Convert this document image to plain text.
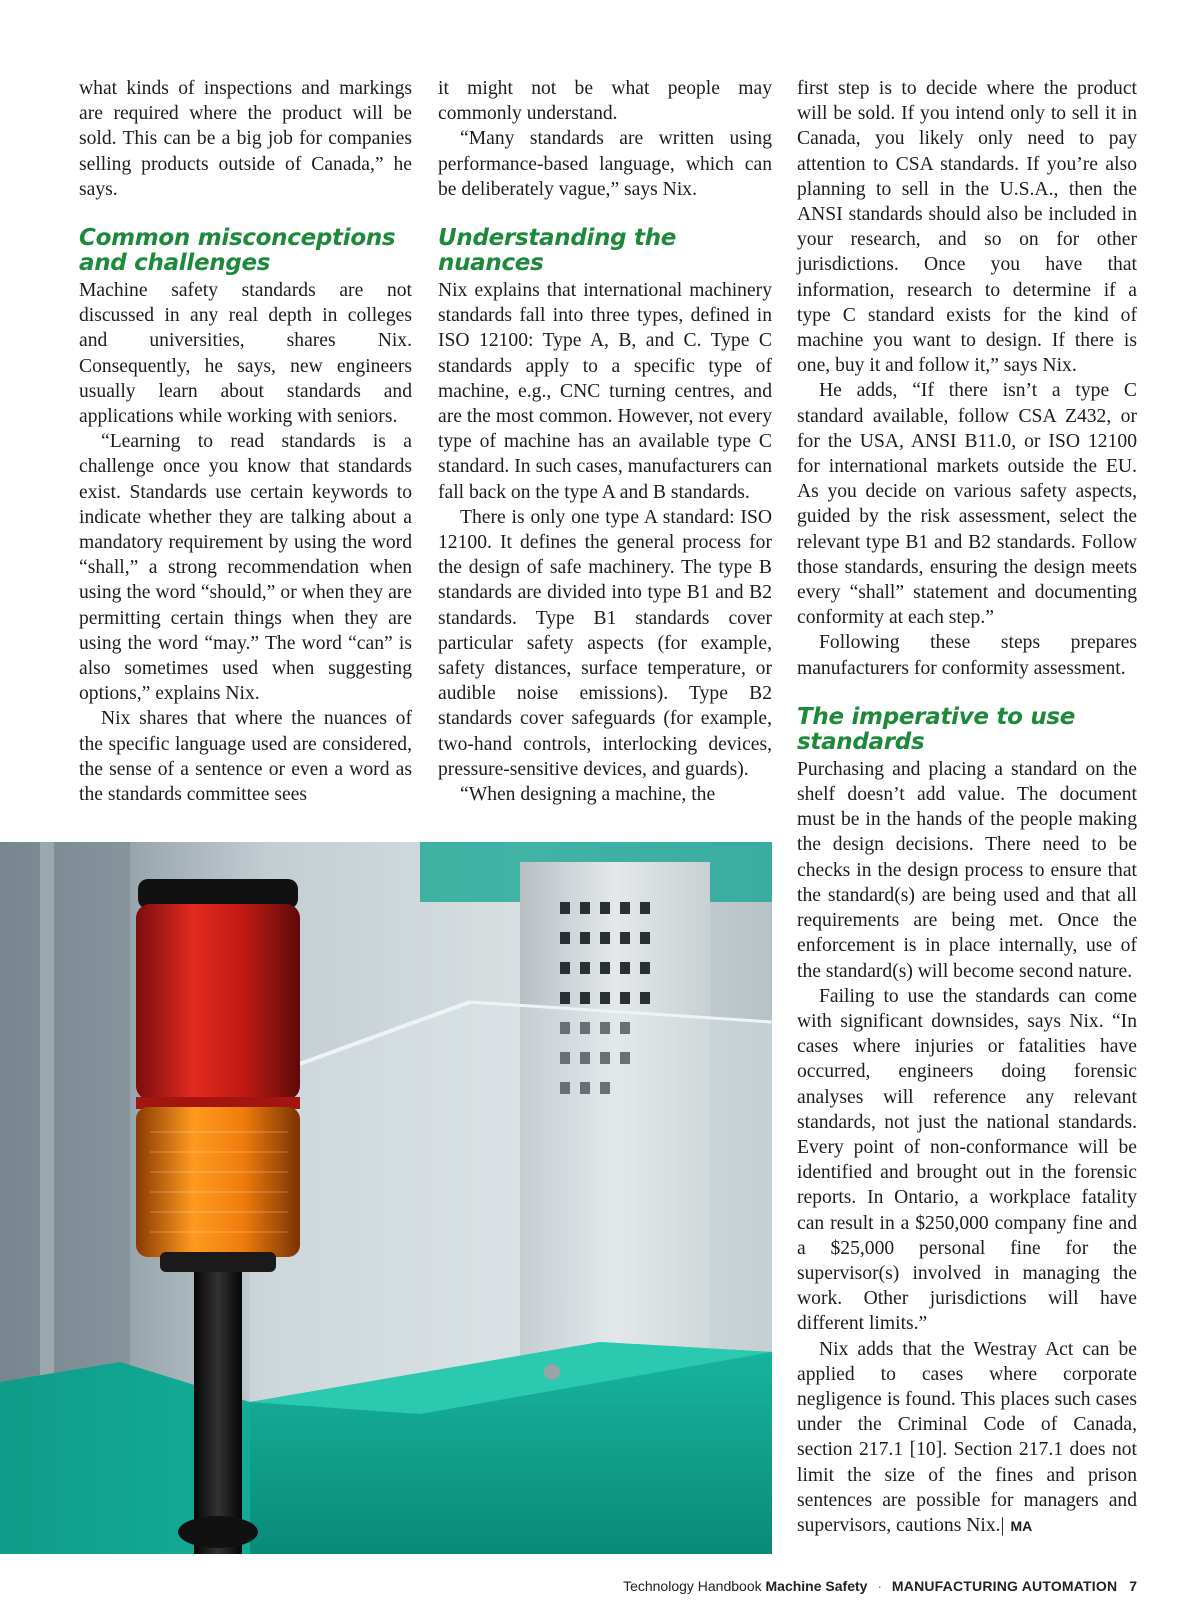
what kinds of inspections and markings are required where the product will be sold. This can be a big job for companies selling products outside of Canada,” he says.

Common misconceptions and challenges

Machine safety standards are not discussed in any real depth in colleges and universities, shares Nix. Consequently, he says, new engineers usually learn about standards and applications while working with seniors.

“Learning to read standards is a challenge once you know that standards exist. Standards use certain keywords to indicate whether they are talking about a mandatory requirement by using the word “shall,” a strong recommendation when using the word “should,” or when they are permitting certain things when they are using the word “may.” The word “can” is also sometimes used when suggesting options,” explains Nix.

Nix shares that where the nuances of the specific language used are considered, the sense of a sentence or even a word as the standards committee sees

it might not be what people may commonly understand.

“Many standards are written using performance-based language, which can be deliberately vague,” says Nix.

Understanding the nuances

Nix explains that international machinery standards fall into three types, defined in ISO 12100: Type A, B, and C. Type C standards apply to a specific type of machine, e.g., CNC turning centres, and are the most common. However, not every type of machine has an available type C standard. In such cases, manufacturers can fall back on the type A and B standards.

There is only one type A standard: ISO 12100. It defines the general process for the design of safe machinery. The type B standards are divided into type B1 and B2 standards. Type B1 standards cover particular safety aspects (for example, safety distances, surface temperature, or audible noise emissions). Type B2 standards cover safeguards (for example, two-hand controls, interlocking devices, pressure-sensitive devices, and guards).

“When designing a machine, the

first step is to decide where the product will be sold. If you intend only to sell it in Canada, you likely only need to pay attention to CSA standards. If you’re also planning to sell in the U.S.A., then the ANSI standards should also be included in your research, and so on for other jurisdictions. Once you have that information, research to determine if a type C standard exists for the kind of machine you want to design. If there is one, buy it and follow it,” says Nix.

He adds, “If there isn’t a type C standard available, follow CSA Z432, or for the USA, ANSI B11.0, or ISO 12100 for international markets outside the EU. As you decide on various safety aspects, guided by the risk assessment, select the relevant type B1 and B2 standards. Follow those standards, ensuring the design meets every “shall” statement and documenting conformity at each step.”

Following these steps prepares manufacturers for conformity assessment.

The imperative to use standards

Purchasing and placing a standard on the shelf doesn’t add value. The document must be in the hands of the people making the design decisions. There need to be checks in the design process to ensure that the standard(s) are being used and that all requirements are being met. Once the enforcement is in place internally, use of the standard(s) will become second nature.

Failing to use the standards can come with significant downsides, says Nix. “In cases where injuries or fatalities have occurred, engineers doing forensic analyses will reference any relevant standards, not just the national standards. Every point of non-conformance will be identified and brought out in the forensic reports. In Ontario, a workplace fatality can result in a $250,000 company fine and a $25,000 personal fine for the supervisor(s) involved in managing the work. Other jurisdictions will have different limits.”

Nix adds that the Westray Act can be applied to cases where corporate negligence is found. This places such cases under the Criminal Code of Canada, section 217.1 [10]. Section 217.1 does not limit the size of the fines and prison sentences are possible for managers and supervisors, cautions Nix.| MA

Technology Handbook Machine Safety · MANUFACTURING AUTOMATION 7
